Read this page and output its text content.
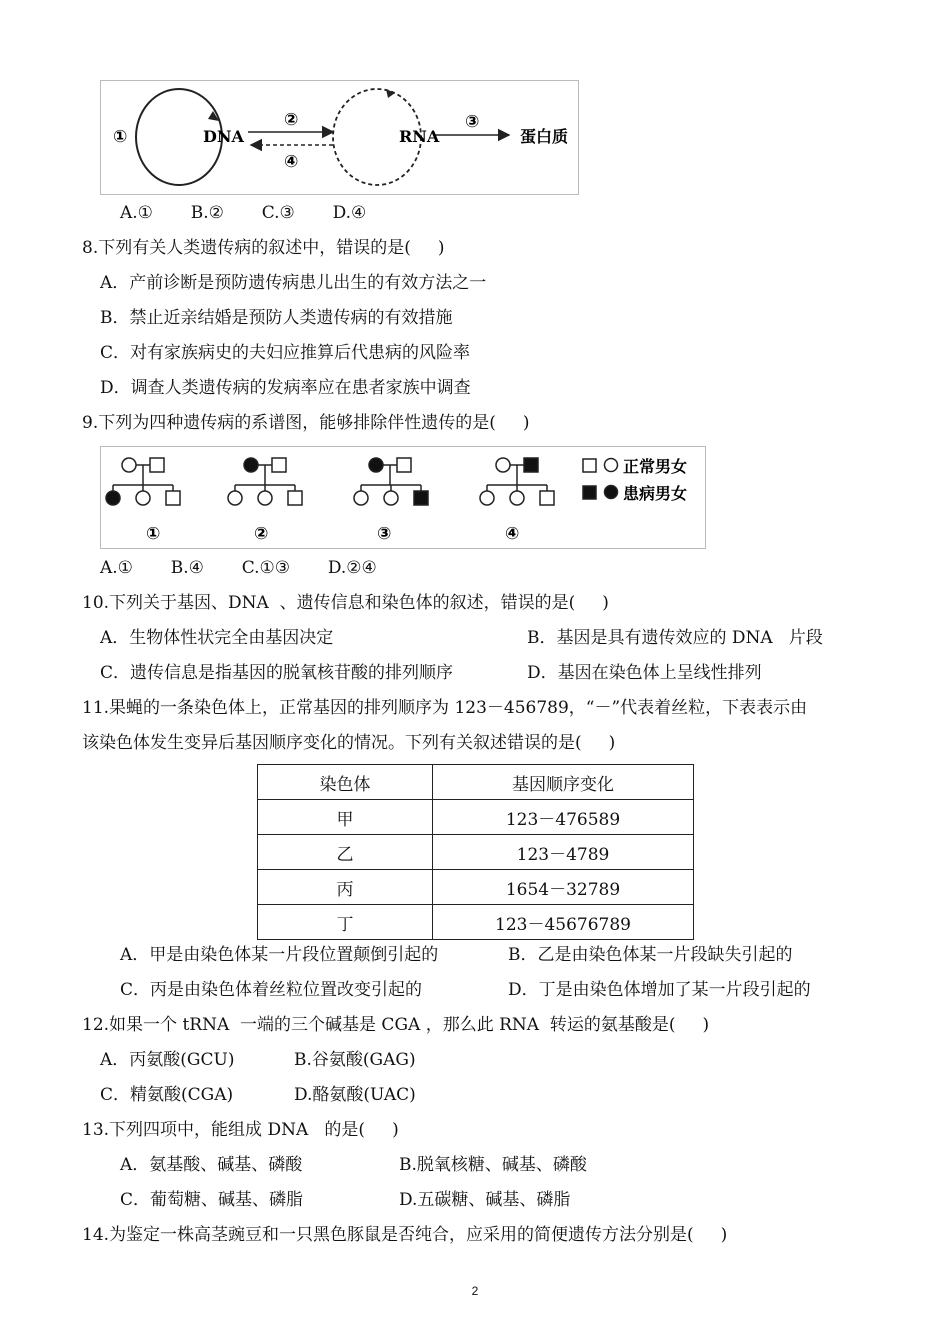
①	DNA
②
④
RNA
③
蛋白质
A.①       B.②       C.③       D.④
8.下列有关人类遗传病的叙述中，错误的是(     )
A．产前诊断是预防遗传病患儿出生的有效方法之一
B．禁止近亲结婚是预防人类遗传病的有效措施
C．对有家族病史的夫妇应推算后代患病的风险率
D．调查人类遗传病的发病率应在患者家族中调查
9.下列为四种遗传病的系谱图，能够排除伴性遗传的是(     )
正常男女
患病男女
①	②	③	④
A.①       B.④       C.①③       D.②④
10.下列关于基因、DNA  、遗传信息和染色体的叙述，错误的是(     )
A．生物体性状完全由基因决定	B．基因是具有遗传效应的 DNA   片段
C．遗传信息是指基因的脱氧核苷酸的排列顺序	D．基因在染色体上呈线性排列
11.果蝇的一条染色体上，正常基因的排列顺序为 123－456789，“－”代表着丝粒，下表表示由
该染色体发生变异后基因顺序变化的情况。下列有关叙述错误的是(     )
染色体	基因顺序变化
甲	123－476589
乙	123－4789
丙	1654－32789
丁	123－45676789
A．甲是由染色体某一片段位置颠倒引起的	B．乙是由染色体某一片段缺失引起的
C．丙是由染色体着丝粒位置改变引起的	D．丁是由染色体增加了某一片段引起的
12.如果一个 tRNA  一端的三个碱基是 CGA ，那么此 RNA  转运的氨基酸是(     )
A．丙氨酸(GCU)	B.谷氨酸(GAG)
C．精氨酸(CGA)	D.酪氨酸(UAC)
13.下列四项中，能组成 DNA   的是(     )
A．氨基酸、碱基、磷酸	B.脱氧核糖、碱基、磷酸
C．葡萄糖、碱基、磷脂	D.五碳糖、碱基、磷脂
14.为鉴定一株高茎豌豆和一只黑色豚鼠是否纯合，应采用的简便遗传方法分别是(     )
2
